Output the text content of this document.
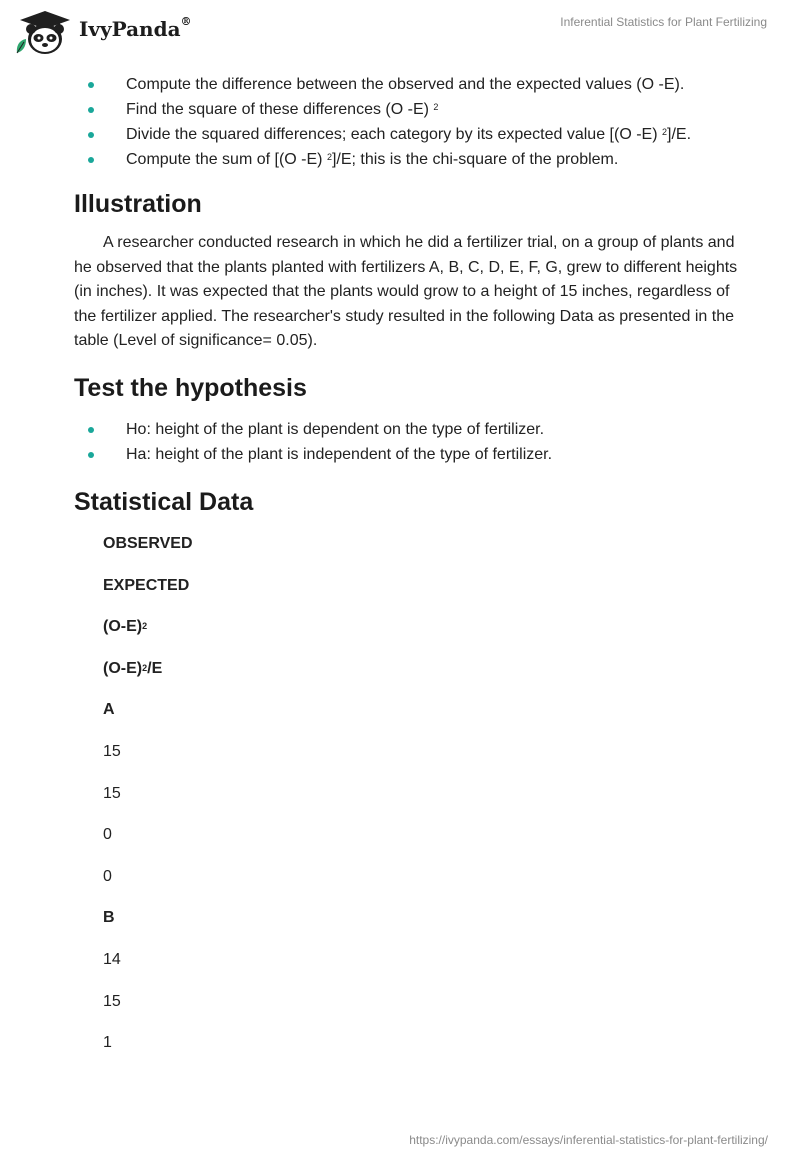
IvyPanda®	Inferential Statistics for Plant Fertilizing
Compute the difference between the observed and the expected values (O -E).
Find the square of these differences (O -E) $^2$
Divide the squared differences; each category by its expected value [(O -E) $^2$]/E.
Compute the sum of [(O -E) $^2$]/E; this is the chi-square of the problem.
Illustration

A researcher conducted research in which he did a fertilizer trial, on a group of plants and he observed that the plants planted with fertilizers A, B, C, D, E, F, G, grew to different heights (in inches). It was expected that the plants would grow to a height of 15 inches, regardless of the fertilizer applied. The researcher's study resulted in the following Data as presented in the table (Level of significance= 0.05).

Test the hypothesis
Ho: height of the plant is dependent on the type of fertilizer.
Ha: height of the plant is independent of the type of fertilizer.
Statistical Data
OBSERVED
EXPECTED
$(O-E)^2$
$(O-E)^2/E$
A
15
15
0
0
B
14
15
1
https://ivypanda.com/essays/inferential-statistics-for-plant-fertilizing/
